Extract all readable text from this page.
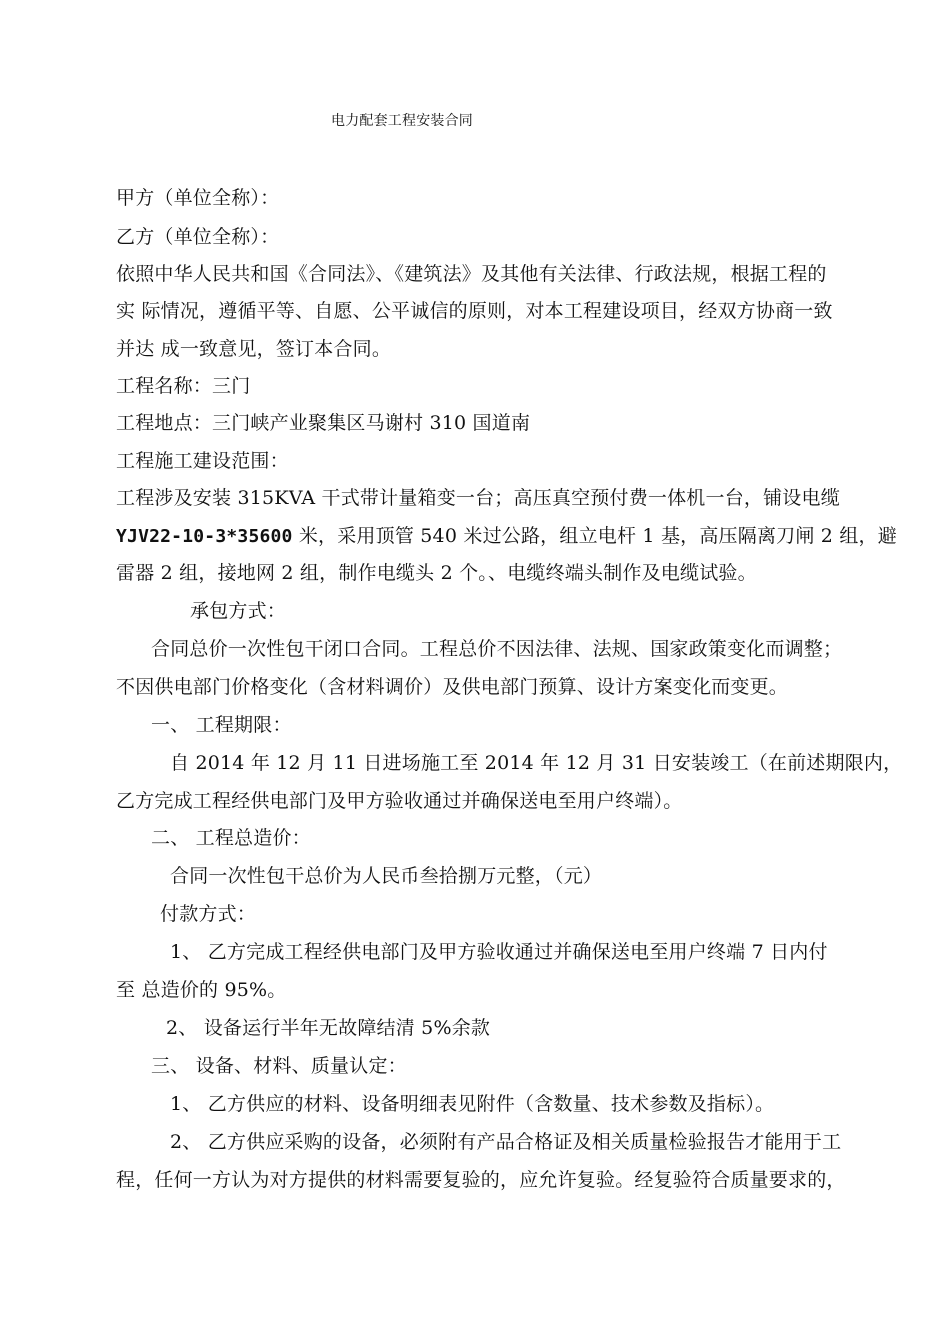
电力配套工程安装合同
甲方（单位全称）：
乙方（单位全称）：
依照中华人民共和国《合同法》、《建筑法》及其他有关法律、行政法规，根据工程的
实 际情况，遵循平等、自愿、公平诚信的原则，对本工程建设项目，经双方协商一致
并达 成一致意见，签订本合同。
工程名称：三门
工程地点：三门峡产业聚集区马谢村 310 国道南
工程施工建设范围：
工程涉及安装 315KVA 干式带计量箱变一台；高压真空预付费一体机一台，铺设电缆
YJV22-10-3*35600 米，采用顶管 540 米过公路，组立电杆 1 基，高压隔离刀闸 2 组，避
雷器 2 组，接地网 2 组，制作电缆头 2 个。、电缆终端头制作及电缆试验。
承包方式：
合同总价一次性包干闭口合同。工程总价不因法律、法规、国家政策变化而调整；
不因供电部门价格变化（含材料调价）及供电部门预算、设计方案变化而变更。
一、 工程期限：
自 2014 年 12 月 11 日进场施工至 2014 年 12 月 31 日安装竣工（在前述期限内，
乙方完成工程经供电部门及甲方验收通过并确保送电至用户终端）。
二、 工程总造价：
合同一次性包干总价为人民币叁拾捌万元整，（元）
付款方式：
1、 乙方完成工程经供电部门及甲方验收通过并确保送电至用户终端 7 日内付
至 总造价的 95%。
2、 设备运行半年无故障结清 5%余款
三、 设备、材料、质量认定：
1、 乙方供应的材料、设备明细表见附件（含数量、技术参数及指标）。
2、 乙方供应采购的设备，必须附有产品合格证及相关质量检验报告才能用于工
程，任何一方认为对方提供的材料需要复验的，应允许复验。经复验符合质量要求的，
